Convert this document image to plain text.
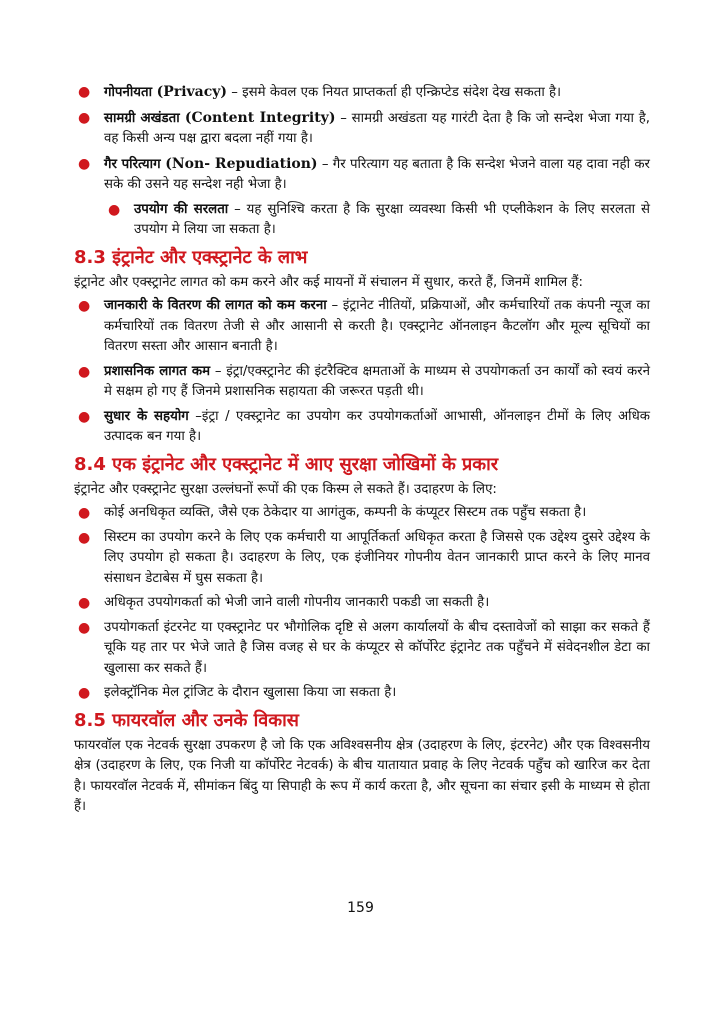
● गोपनीयता (Privacy) – इसमे केवल एक नियत प्राप्तकर्ता ही एन्क्रिप्टेड संदेश देख सकता है।
● सामग्री अखंडता (Content Integrity) – सामग्री अखंडता यह गारंटी देता है कि जो सन्देश भेजा गया है, वह किसी अन्य पक्ष द्वारा बदला नहीं गया है।
● गैर परित्याग (Non- Repudiation) – गैर परित्याग यह बताता है कि सन्देश भेजने वाला यह दावा नही कर सके की उसने यह सन्देश नही भेजा है।
● उपयोग की सरलता – यह सुनिश्चि करता है कि सुरक्षा व्यवस्था किसी भी एप्लीकेशन के लिए सरलता से उपयोग मे लिया जा सकता है।
8.3 इंट्रानेट और एक्स्ट्रानेट के लाभ
इंट्रानेट और एक्स्ट्रानेट लागत को कम करने और कई मायनों में संचालन में सुधार, करते हैं, जिनमें शामिल हैं:
● जानकारी के वितरण की लागत को कम करना – इंट्रानेट नीतियों, प्रक्रियाओं, और कर्मचारियों तक कंपनी न्यूज का कर्मचारियों तक वितरण तेजी से और आसानी से करती है। एक्स्ट्रानेट ऑनलाइन कैटलॉग और मूल्य सूचियों का वितरण सस्ता और आसान बनाती है।
● प्रशासनिक लागत कम – इंट्रा/एक्स्ट्रानेट की इंटरैक्टिव क्षमताओं के माध्यम से उपयोगकर्ता उन कार्यों को स्वयं करने मे सक्षम हो गए हैं जिनमे प्रशासनिक सहायता की जरूरत पड़ती थी।
● सुधार के सहयोग –इंट्रा / एक्स्ट्रानेट का उपयोग कर उपयोगकर्ताओं आभासी, ऑनलाइन टीमों के लिए अधिक उत्पादक बन गया है।
8.4 एक इंट्रानेट और एक्स्ट्रानेट में आए सुरक्षा जोखिमों के प्रकार
इंट्रानेट और एक्स्ट्रानेट सुरक्षा उल्लंघनों रूपों की एक किस्म ले सकते हैं। उदाहरण के लिए:
● कोई अनधिकृत व्यक्ति, जैसे एक ठेकेदार या आगंतुक, कम्पनी के कंप्यूटर सिस्टम तक पहुँच सकता है।
● सिस्टम का उपयोग करने के लिए एक कर्मचारी या आपूर्तिकर्ता अधिकृत करता है जिससे एक उद्देश्य दुसरे उद्देश्य के लिए उपयोग हो सकता है। उदाहरण के लिए, एक इंजीनियर गोपनीय वेतन जानकारी प्राप्त करने के लिए मानव संसाधन डेटाबेस में घुस सकता है।
● अधिकृत उपयोगकर्ता को भेजी जाने वाली गोपनीय जानकारी पकडी जा सकती है।
● उपयोगकर्ता इंटरनेट या एक्स्ट्रानेट पर भौगोलिक दृष्टि से अलग कार्यालयों के बीच दस्तावेजों को साझा कर सकते हैं चूकि यह तार पर भेजे जाते है जिस वजह से घर के कंप्यूटर से कॉर्पोरेट इंट्रानेट तक पहुँचने में संवेदनशील डेटा का खुलासा कर सकते हैं।
● इलेक्ट्रॉनिक मेल ट्रांजिट के दौरान खुलासा किया जा सकता है।
8.5 फायरवॉल और उनके विकास
फायरवॉल एक नेटवर्क सुरक्षा उपकरण है जो कि एक अविश्वसनीय क्षेत्र (उदाहरण के लिए, इंटरनेट) और एक विश्वसनीय क्षेत्र (उदाहरण के लिए, एक निजी या कॉर्पोरेट नेटवर्क) के बीच यातायात प्रवाह के लिए नेटवर्क पहुँच को खारिज कर देता है। फायरवॉल नेटवर्क में, सीमांकन बिंदु या सिपाही के रूप में कार्य करता है, और सूचना का संचार इसी के माध्यम से होता हैं।
159
